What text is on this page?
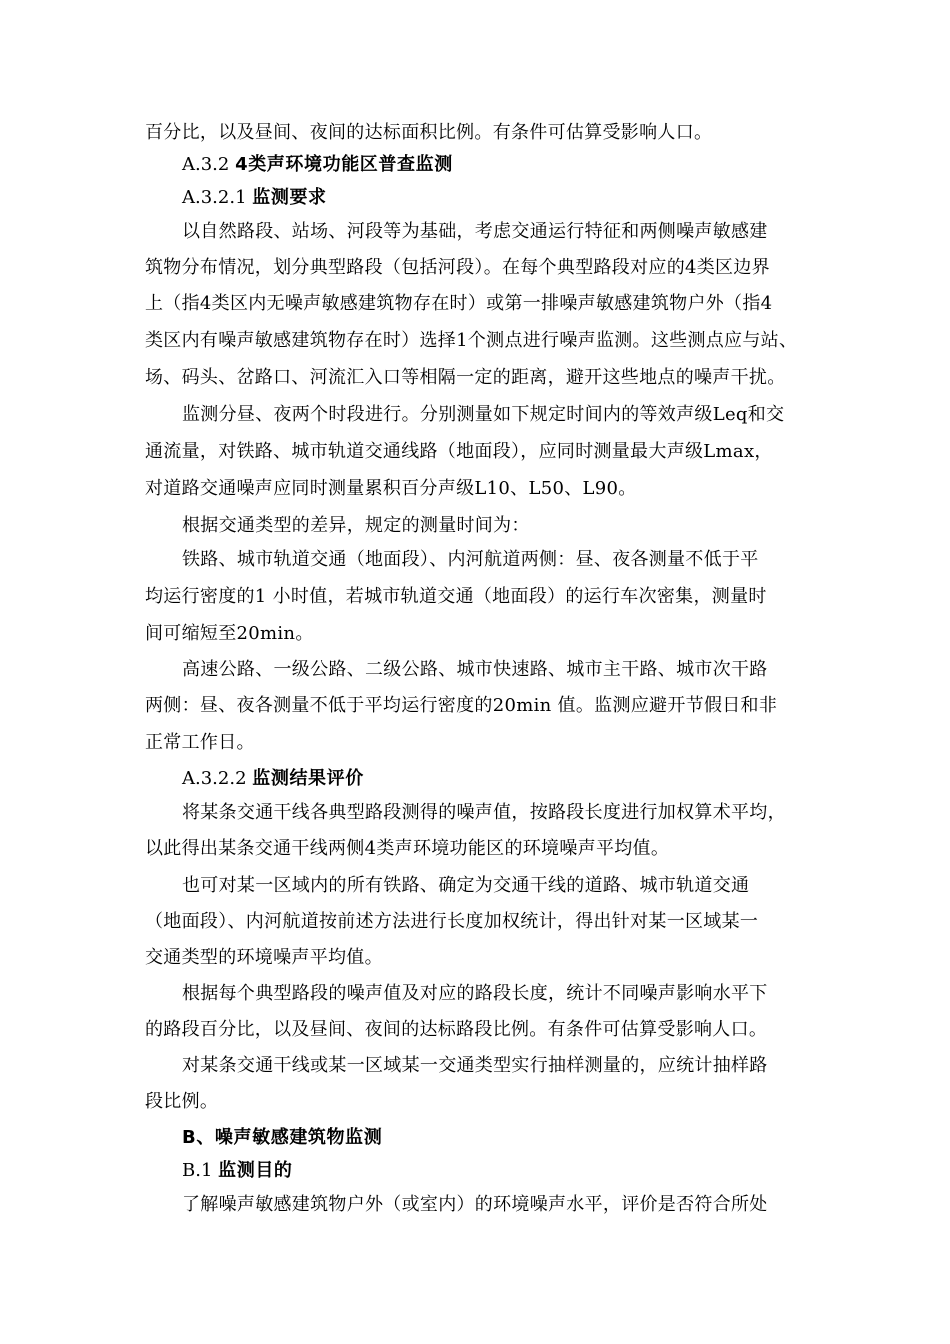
百分比，以及昼间、夜间的达标面积比例。有条件可估算受影响人口。
A.3.2 4类声环境功能区普查监测
A.3.2.1 监测要求
以自然路段、站场、河段等为基础，考虑交通运行特征和两侧噪声敏感建
筑物分布情况，划分典型路段（包括河段）。在每个典型路段对应的4类区边界
上（指4类区内无噪声敏感建筑物存在时）或第一排噪声敏感建筑物户外（指4
类区内有噪声敏感建筑物存在时）选择1个测点进行噪声监测。这些测点应与站、
场、码头、岔路口、河流汇入口等相隔一定的距离，避开这些地点的噪声干扰。
监测分昼、夜两个时段进行。分别测量如下规定时间内的等效声级Leq和交
通流量，对铁路、城市轨道交通线路（地面段），应同时测量最大声级Lmax，
对道路交通噪声应同时测量累积百分声级L10、L50、L90。
根据交通类型的差异，规定的测量时间为：
铁路、城市轨道交通（地面段）、内河航道两侧：昼、夜各测量不低于平
均运行密度的1 小时值，若城市轨道交通（地面段）的运行车次密集，测量时
间可缩短至20min。
高速公路、一级公路、二级公路、城市快速路、城市主干路、城市次干路
两侧：昼、夜各测量不低于平均运行密度的20min 值。监测应避开节假日和非
正常工作日。
A.3.2.2 监测结果评价
将某条交通干线各典型路段测得的噪声值，按路段长度进行加权算术平均，
以此得出某条交通干线两侧4类声环境功能区的环境噪声平均值。
也可对某一区域内的所有铁路、确定为交通干线的道路、城市轨道交通
（地面段）、内河航道按前述方法进行长度加权统计，得出针对某一区域某一
交通类型的环境噪声平均值。
根据每个典型路段的噪声值及对应的路段长度，统计不同噪声影响水平下
的路段百分比，以及昼间、夜间的达标路段比例。有条件可估算受影响人口。
对某条交通干线或某一区域某一交通类型实行抽样测量的，应统计抽样路
段比例。
B、噪声敏感建筑物监测
B.1 监测目的
了解噪声敏感建筑物户外（或室内）的环境噪声水平，评价是否符合所处
